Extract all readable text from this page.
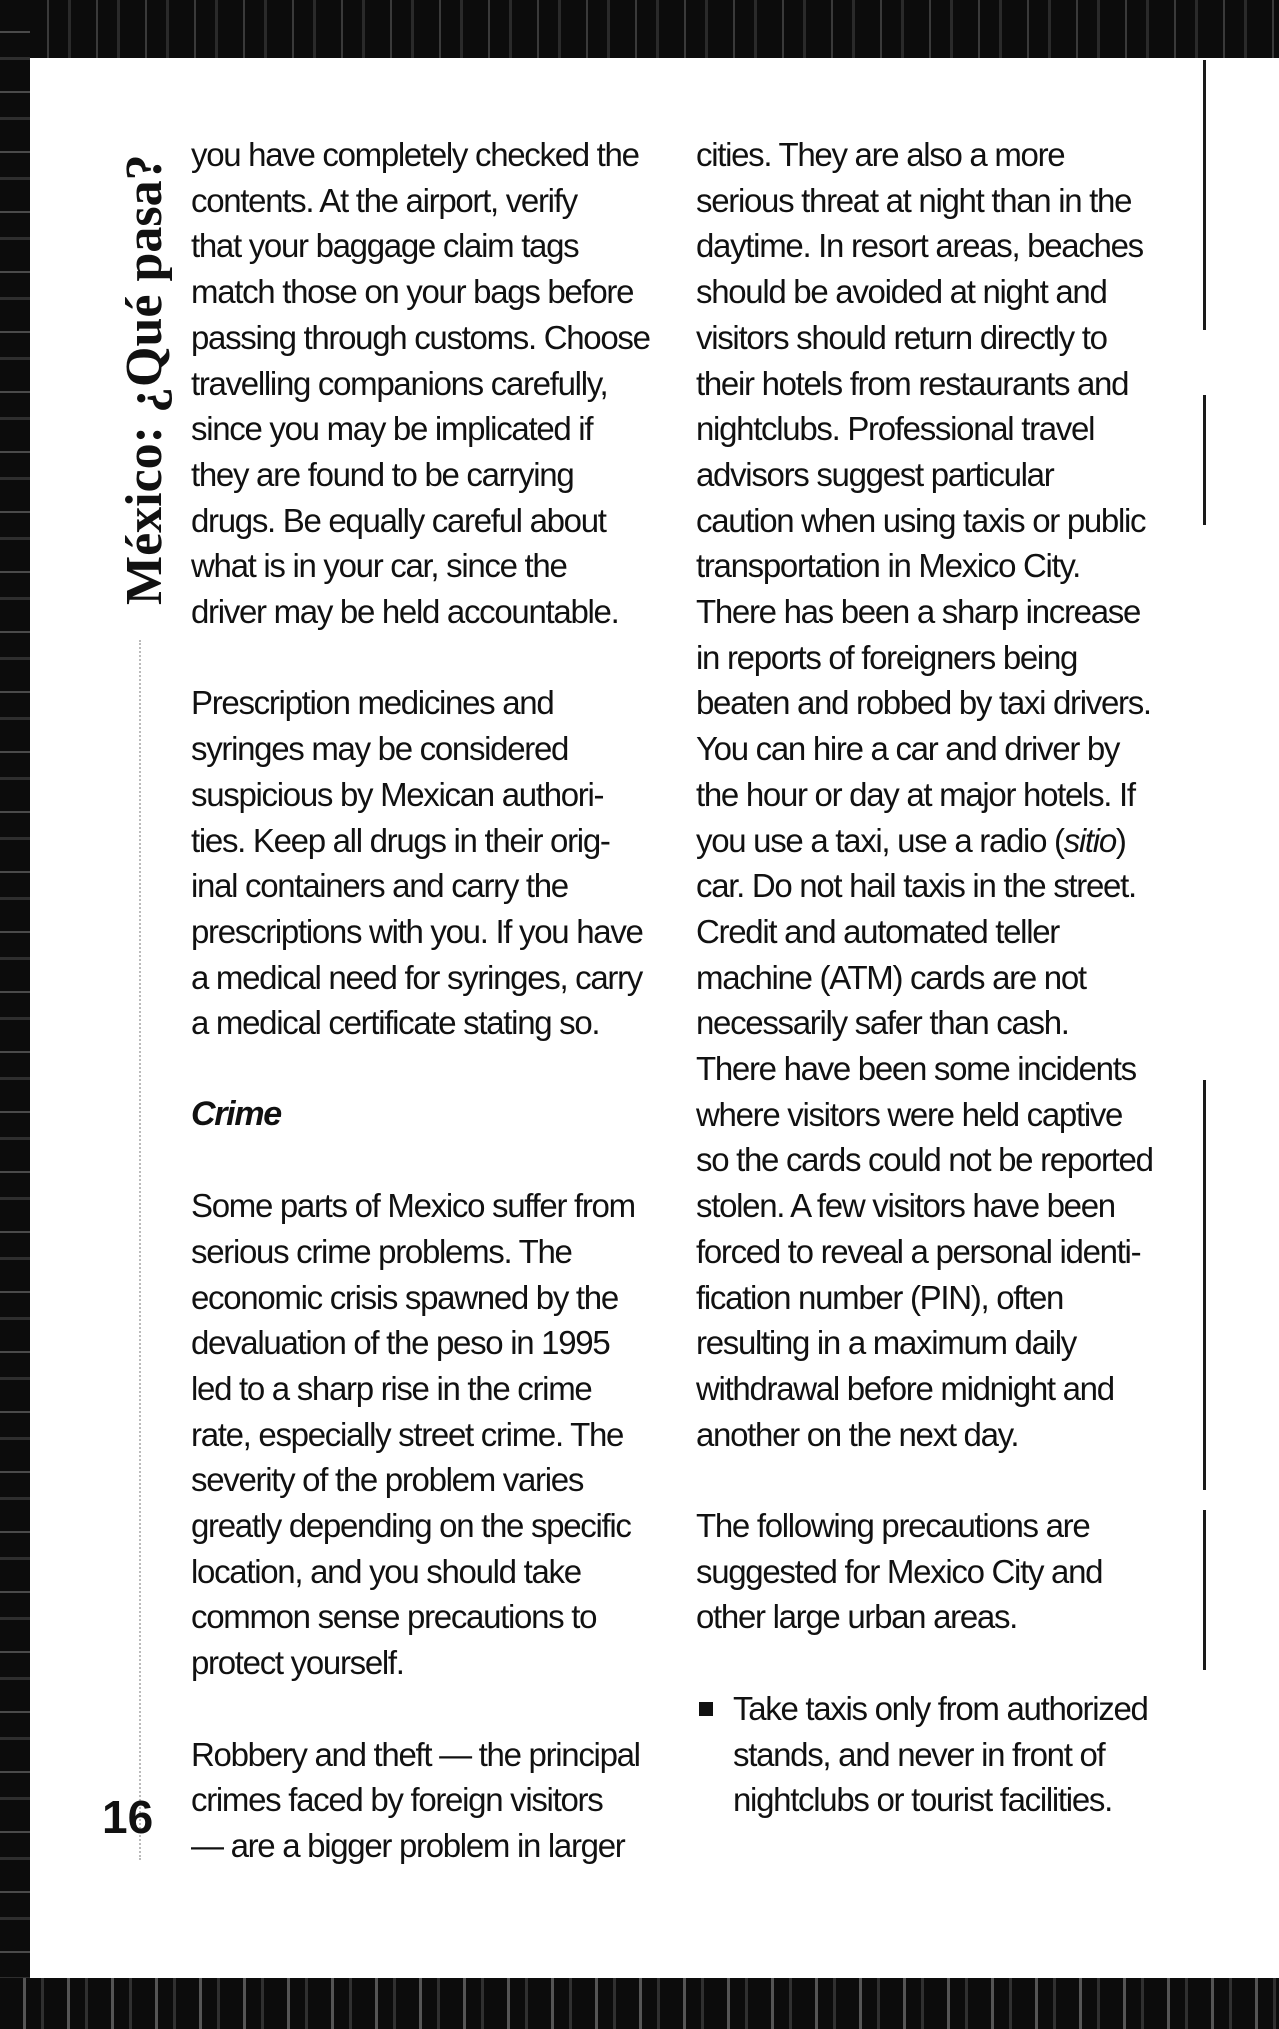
México: ¿Qué pasa?
16

you have completely checked the
contents. At the airport, verify
that your baggage claim tags
match those on your bags before
passing through customs. Choose
travelling companions carefully,
since you may be implicated if
they are found to be carrying
drugs. Be equally careful about
what is in your car, since the
driver may be held accountable.

Prescription medicines and
syringes may be considered
suspicious by Mexican authori-
ties. Keep all drugs in their orig-
inal containers and carry the
prescriptions with you. If you have
a medical need for syringes, carry
a medical certificate stating so.

Crime

Some parts of Mexico suffer from
serious crime problems. The
economic crisis spawned by the
devaluation of the peso in 1995
led to a sharp rise in the crime
rate, especially street crime. The
severity of the problem varies
greatly depending on the specific
location, and you should take
common sense precautions to
protect yourself.

Robbery and theft — the principal
crimes faced by foreign visitors
— are a bigger problem in larger

cities. They are also a more
serious threat at night than in the
daytime. In resort areas, beaches
should be avoided at night and
visitors should return directly to
their hotels from restaurants and
nightclubs. Professional travel
advisors suggest particular
caution when using taxis or public
transportation in Mexico City.
There has been a sharp increase
in reports of foreigners being
beaten and robbed by taxi drivers.
You can hire a car and driver by
the hour or day at major hotels. If
you use a taxi, use a radio (sitio)
car. Do not hail taxis in the street.
Credit and automated teller
machine (ATM) cards are not
necessarily safer than cash.
There have been some incidents
where visitors were held captive
so the cards could not be reported
stolen. A few visitors have been
forced to reveal a personal identi-
fication number (PIN), often
resulting in a maximum daily
withdrawal before midnight and
another on the next day.

The following precautions are
suggested for Mexico City and
other large urban areas.

Take taxis only from authorized
stands, and never in front of
nightclubs or tourist facilities.
